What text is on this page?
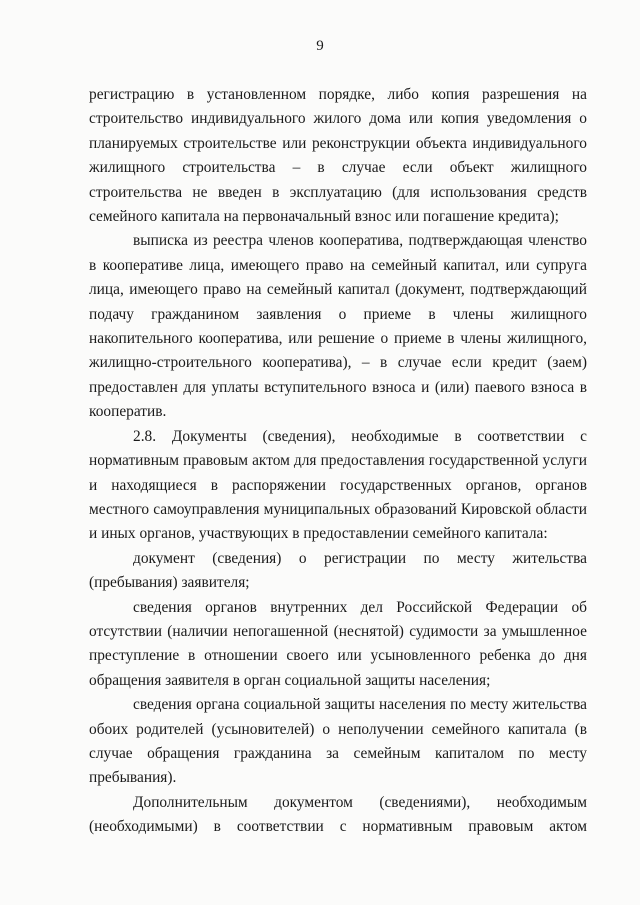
9

регистрацию в установленном порядке, либо копия разрешения на строительство индивидуального жилого дома или копия уведомления о планируемых строительстве или реконструкции объекта индивидуального жилищного строительства – в случае если объект жилищного строительства не введен в эксплуатацию (для использования средств семейного капитала на первоначальный взнос или погашение кредита);

выписка из реестра членов кооператива, подтверждающая членство в кооперативе лица, имеющего право на семейный капитал, или супруга лица, имеющего право на семейный капитал (документ, подтверждающий подачу гражданином заявления о приеме в члены жилищного накопительного кооператива, или решение о приеме в члены жилищного, жилищно-строительного кооператива), – в случае если кредит (заем) предоставлен для уплаты вступительного взноса и (или) паевого взноса в кооператив.

2.8. Документы (сведения), необходимые в соответствии с нормативным правовым актом для предоставления государственной услуги и находящиеся в распоряжении государственных органов, органов местного самоуправления муниципальных образований Кировской области и иных органов, участвующих в предоставлении семейного капитала:

документ (сведения) о регистрации по месту жительства (пребывания) заявителя;

сведения органов внутренних дел Российской Федерации об отсутствии (наличии непогашенной (неснятой) судимости за умышленное преступление в отношении своего или усыновленного ребенка до дня обращения заявителя в орган социальной защиты населения;

сведения органа социальной защиты населения по месту жительства обоих родителей (усыновителей) о неполучении семейного капитала (в случае обращения гражданина за семейным капиталом по месту пребывания).

Дополнительным документом (сведениями), необходимым (необходимыми) в соответствии с нормативным правовым актом
